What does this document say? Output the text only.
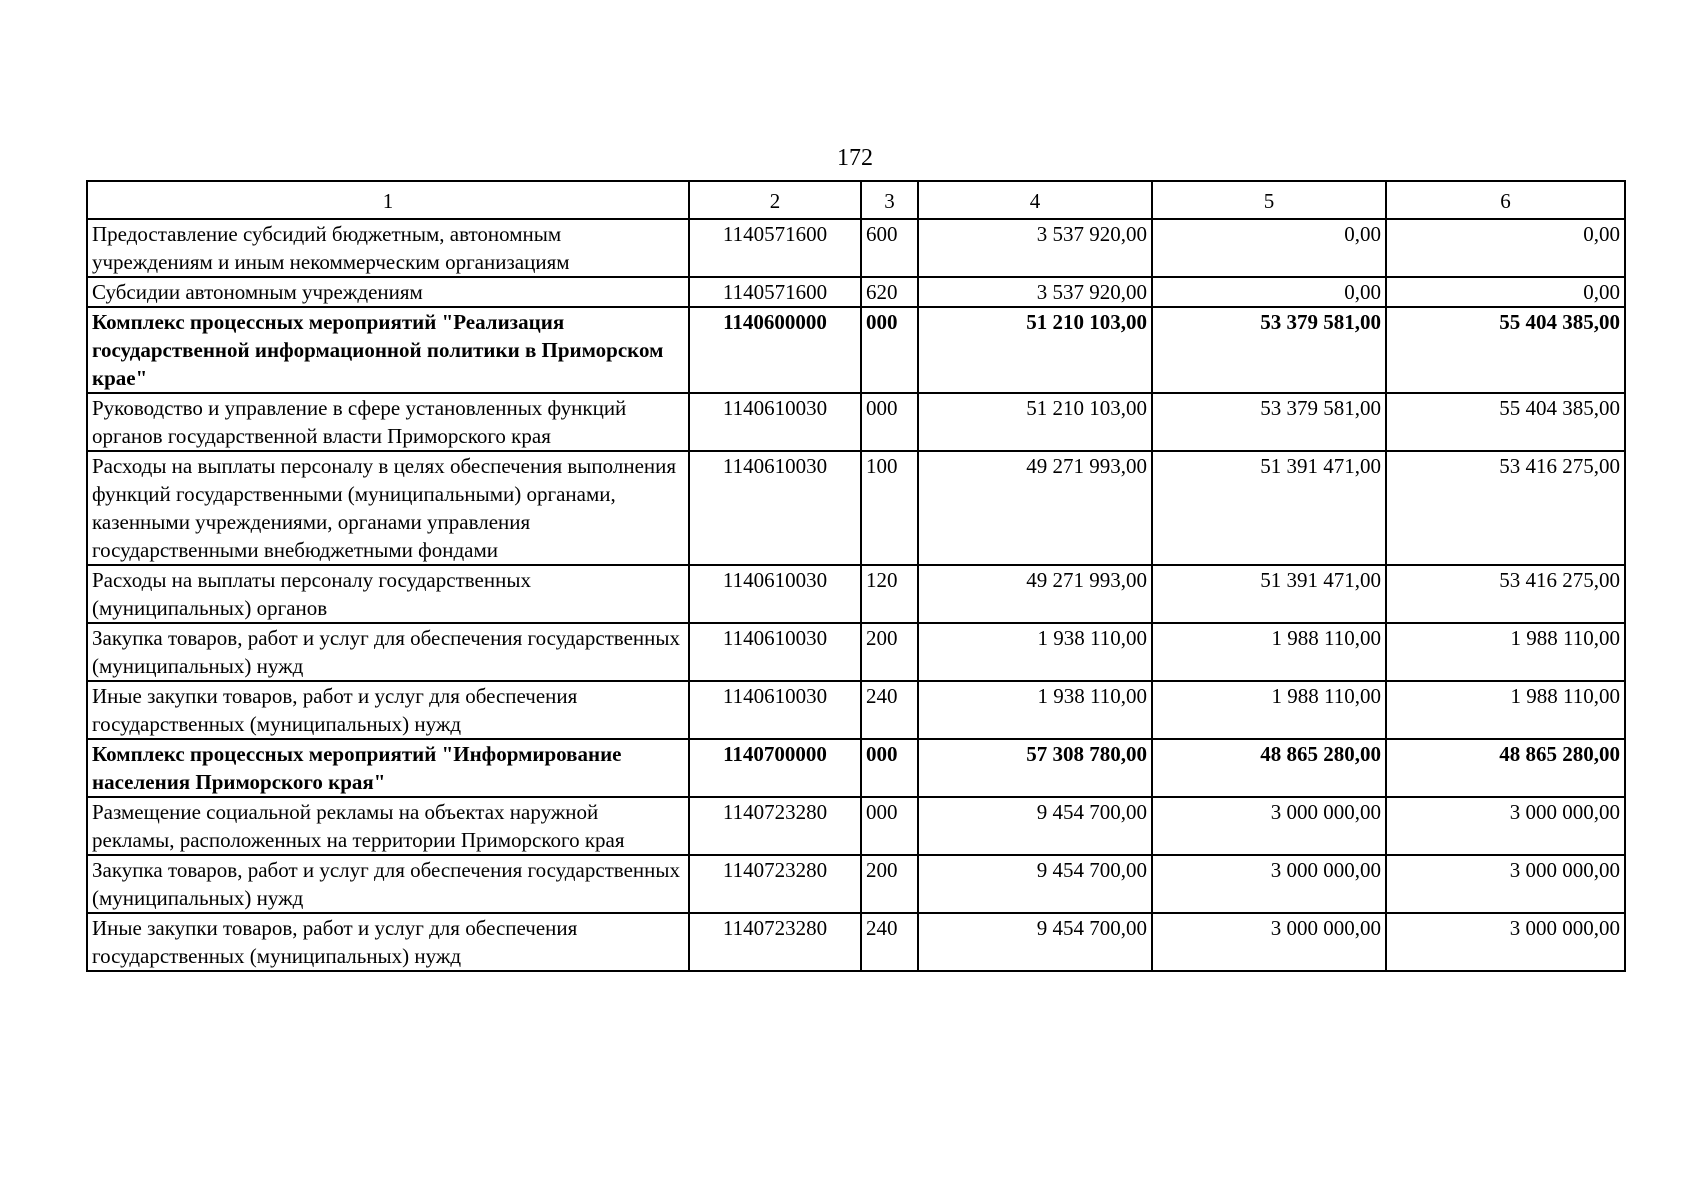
172
1	2	3	4	5	6
Предоставление субсидий бюджетным, автономным учреждениям и иным некоммерческим организациям	1140571600	600	3 537 920,00	0,00	0,00
Субсидии автономным учреждениям	1140571600	620	3 537 920,00	0,00	0,00
Комплекс процессных мероприятий "Реализация государственной информационной политики в Приморском крае"	1140600000	000	51 210 103,00	53 379 581,00	55 404 385,00
Руководство и управление в сфере установленных функций органов государственной власти Приморского края	1140610030	000	51 210 103,00	53 379 581,00	55 404 385,00
Расходы на выплаты персоналу в целях обеспечения выполнения функций государственными (муниципальными) органами, казенными учреждениями, органами управления государственными внебюджетными фондами	1140610030	100	49 271 993,00	51 391 471,00	53 416 275,00
Расходы на выплаты персоналу государственных (муниципальных) органов	1140610030	120	49 271 993,00	51 391 471,00	53 416 275,00
Закупка товаров, работ и услуг для обеспечения государственных (муниципальных) нужд	1140610030	200	1 938 110,00	1 988 110,00	1 988 110,00
Иные закупки товаров, работ и услуг для обеспечения государственных (муниципальных) нужд	1140610030	240	1 938 110,00	1 988 110,00	1 988 110,00
Комплекс процессных мероприятий "Информирование населения Приморского края"	1140700000	000	57 308 780,00	48 865 280,00	48 865 280,00
Размещение социальной рекламы на объектах наружной рекламы, расположенных на территории Приморского края	1140723280	000	9 454 700,00	3 000 000,00	3 000 000,00
Закупка товаров, работ и услуг для обеспечения государственных (муниципальных) нужд	1140723280	200	9 454 700,00	3 000 000,00	3 000 000,00
Иные закупки товаров, работ и услуг для обеспечения государственных (муниципальных) нужд	1140723280	240	9 454 700,00	3 000 000,00	3 000 000,00
